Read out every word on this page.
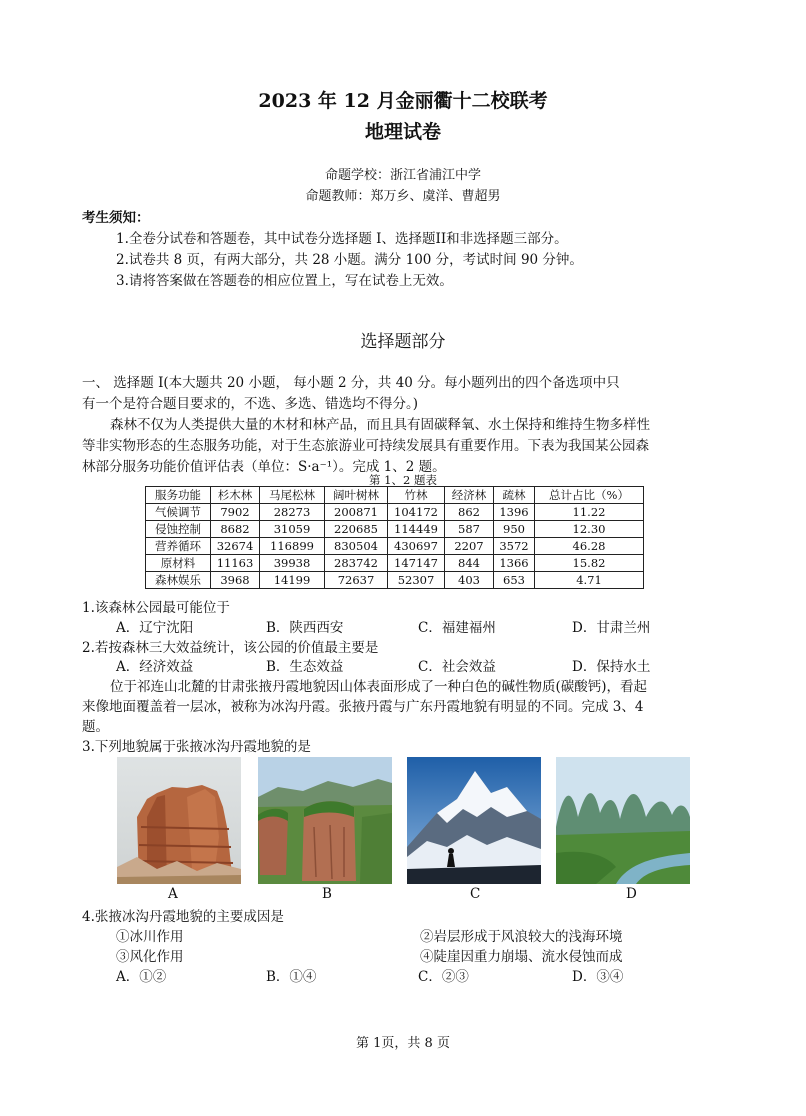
2023 年 12 月金丽衢十二校联考
地理试卷
命题学校：浙江省浦江中学
命题教师：郑万乡、虞洋、曹超男
考生须知：
1.全卷分试卷和答题卷，其中试卷分选择题 I、选择题II和非选择题三部分。
2.试卷共 8 页，有两大部分，共 28 小题。满分 100 分，考试时间 90 分钟。
3.请将答案做在答题卷的相应位置上，写在试卷上无效。
选择题部分
一、 选择题 I(本大题共 20 小题， 每小题 2 分，共 40 分。每小题列出的四个备选项中只
有一个是符合题目要求的，不选、多选、错选均不得分。)
森林不仅为人类提供大量的木材和林产品，而且具有固碳释氧、水土保持和维持生物多样性
等非实物形态的生态服务功能，对于生态旅游业可持续发展具有重要作用。下表为我国某公园森
林部分服务功能价值评估表（单位：S·a⁻¹）。完成 1、2 题。
第 1、2 题表
服务功能	杉木林	马尾松林	阔叶树林	竹林	经济林	疏林	总计占比（%）
气候调节	7902	28273	200871	104172	862	1396	11.22
侵蚀控制	8682	31059	220685	114449	587	950	12.30
营养循环	32674	116899	830504	430697	2207	3572	46.28
原材料	11163	39938	283742	147147	844	1366	15.82
森林娱乐	3968	14199	72637	52307	403	653	4.71
1.该森林公园最可能位于
A．辽宁沈阳	B．陕西西安	C．福建福州	D．甘肃兰州
2.若按森林三大效益统计，该公园的价值最主要是
A．经济效益	B．生态效益	C．社会效益	D．保持水土
位于祁连山北麓的甘肃张掖丹霞地貌因山体表面形成了一种白色的碱性物质(碳酸钙)，看起
来像地面覆盖着一层冰，被称为冰沟丹霞。张掖丹霞与广东丹霞地貌有明显的不同。完成 3、4
题。
3.下列地貌属于张掖冰沟丹霞地貌的是
A	B	C	D
4.张掖冰沟丹霞地貌的主要成因是
①冰川作用	②岩层形成于风浪较大的浅海环境
③风化作用	④陡崖因重力崩塌、流水侵蚀而成
A．①②	B．①④	C．②③	D．③④
第 1页，共 8 页
